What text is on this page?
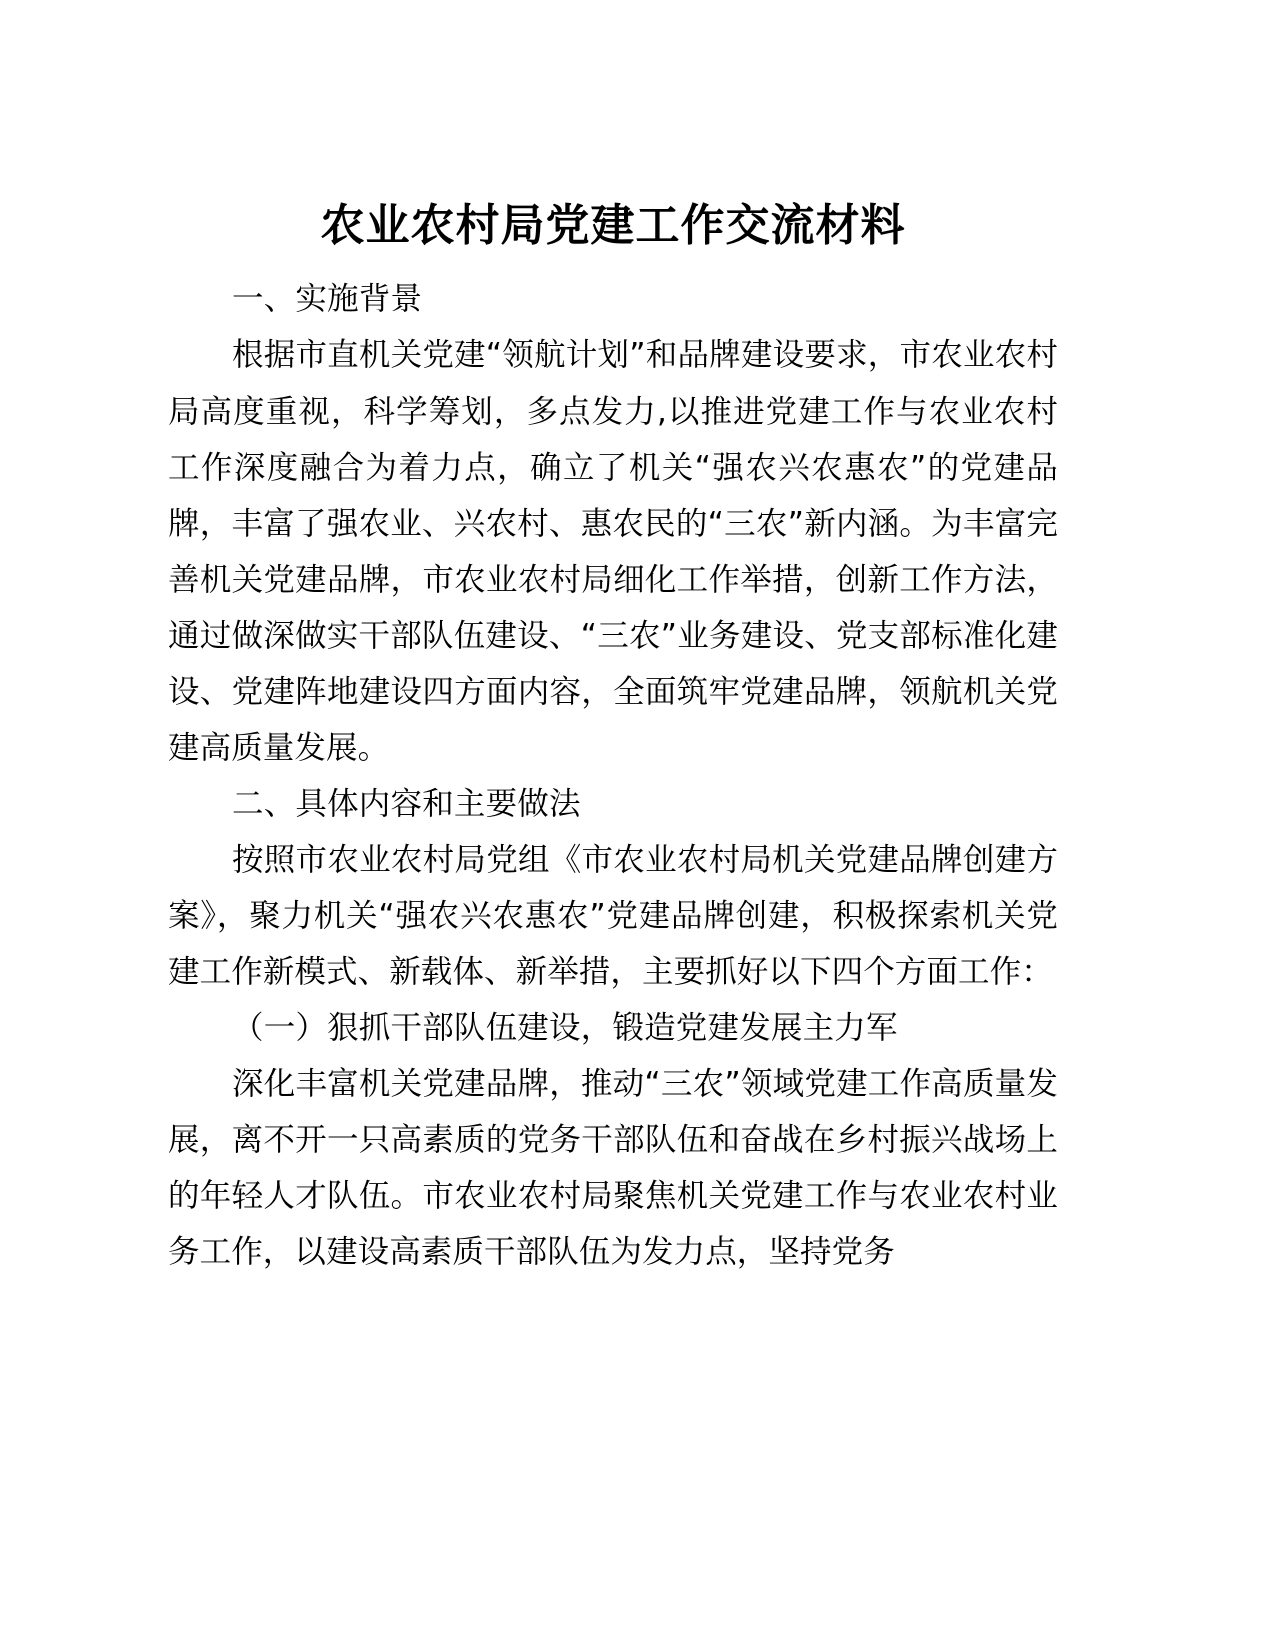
农业农村局党建工作交流材料

一、实施背景

根据市直机关党建“领航计划”和品牌建设要求，市农业农村局高度重视，科学筹划，多点发力,以推进党建工作与农业农村工作深度融合为着力点，确立了机关“强农兴农惠农”的党建品牌，丰富了强农业、兴农村、惠农民的“三农”新内涵。为丰富完善机关党建品牌，市农业农村局细化工作举措，创新工作方法，通过做深做实干部队伍建设、“三农”业务建设、党支部标准化建设、党建阵地建设四方面内容，全面筑牢党建品牌，领航机关党建高质量发展。

二、具体内容和主要做法

按照市农业农村局党组《市农业农村局机关党建品牌创建方案》，聚力机关“强农兴农惠农”党建品牌创建，积极探索机关党建工作新模式、新载体、新举措，主要抓好以下四个方面工作：

（一）狠抓干部队伍建设，锻造党建发展主力军

深化丰富机关党建品牌，推动“三农”领域党建工作高质量发展，离不开一只高素质的党务干部队伍和奋战在乡村振兴战场上的年轻人才队伍。市农业农村局聚焦机关党建工作与农业农村业务工作，以建设高素质干部队伍为发力点，坚持党务
